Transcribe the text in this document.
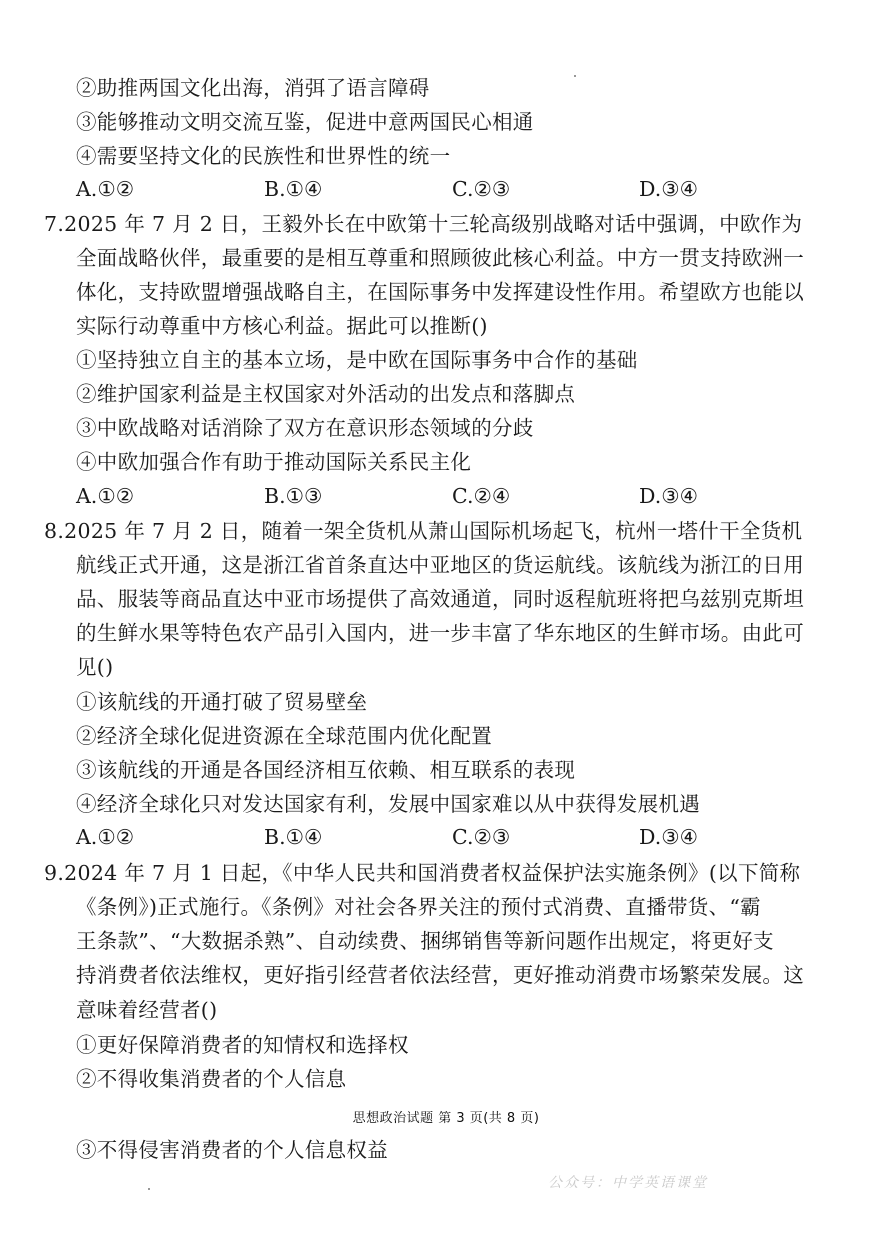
②助推两国文化出海，消弭了语言障碍
③能够推动文明交流互鉴，促进中意两国民心相通
④需要坚持文化的民族性和世界性的统一
A.①②	B.①④	C.②③	D.③④
7.2025 年 7 月 2 日，王毅外长在中欧第十三轮高级别战略对话中强调，中欧作为
全面战略伙伴，最重要的是相互尊重和照顾彼此核心利益。中方一贯支持欧洲一
体化，支持欧盟增强战略自主，在国际事务中发挥建设性作用。希望欧方也能以
实际行动尊重中方核心利益。据此可以推断()
①坚持独立自主的基本立场，是中欧在国际事务中合作的基础
②维护国家利益是主权国家对外活动的出发点和落脚点
③中欧战略对话消除了双方在意识形态领域的分歧
④中欧加强合作有助于推动国际关系民主化
A.①②	B.①③	C.②④	D.③④
8.2025 年 7 月 2 日，随着一架全货机从萧山国际机场起飞，杭州一塔什干全货机
航线正式开通，这是浙江省首条直达中亚地区的货运航线。该航线为浙江的日用
品、服装等商品直达中亚市场提供了高效通道，同时返程航班将把乌兹别克斯坦
的生鲜水果等特色农产品引入国内，进一步丰富了华东地区的生鲜市场。由此可
见()
①该航线的开通打破了贸易壁垒
②经济全球化促进资源在全球范围内优化配置
③该航线的开通是各国经济相互依赖、相互联系的表现
④经济全球化只对发达国家有利，发展中国家难以从中获得发展机遇
A.①②	B.①④	C.②③	D.③④
9.2024 年 7 月 1 日起，《中华人民共和国消费者权益保护法实施条例》(以下简称
《条例》)正式施行。《条例》对社会各界关注的预付式消费、直播带货、“霸
王条款”、“大数据杀熟”、自动续费、捆绑销售等新问题作出规定，将更好支
持消费者依法维权，更好指引经营者依法经营，更好推动消费市场繁荣发展。这
意味着经营者()
①更好保障消费者的知情权和选择权
②不得收集消费者的个人信息
思想政治试题 第 3 页(共 8 页)
③不得侵害消费者的个人信息权益
公众号：中学英语课堂
